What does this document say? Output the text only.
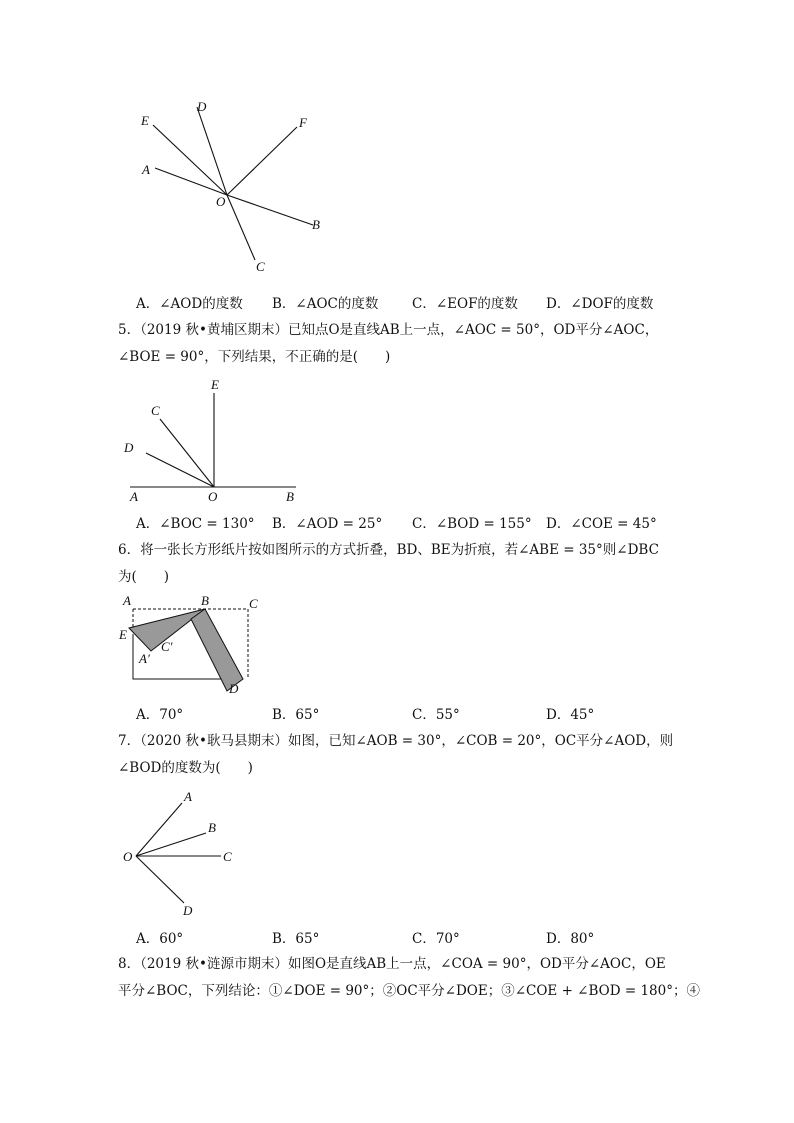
E
D
F
A
O
B
C
A．∠AOD的度数 B．∠AOC的度数 C．∠EOF的度数 D．∠DOF的度数
5．（2019 秋•黄埔区期末）已知点O是直线AB上一点，∠AOC = 50°，OD平分∠AOC，
∠BOE = 90°，下列结果，不正确的是(　　)
E
C
D
A	O	B
A．∠BOC = 130° B．∠AOD = 25° C．∠BOD = 155° D．∠COE = 45°
6．将一张长方形纸片按如图所示的方式折叠，BD、BE为折痕，若∠ABE = 35°则∠DBC
为(　　)
A	B	C
E
C′
A′
D
A．70°	B．65°	C．55°	D．45°
7．（2020 秋•耿马县期末）如图，已知∠AOB = 30°，∠COB = 20°，OC平分∠AOD，则
∠BOD的度数为(　　)
A
B
C
O
D
A．60°	B．65°	C．70°	D．80°
8．（2019 秋•涟源市期末）如图O是直线AB上一点，∠COA = 90°，OD平分∠AOC，OE
平分∠BOC，下列结论：①∠DOE = 90°；②OC平分∠DOE；③∠COE + ∠BOD = 180°；④
